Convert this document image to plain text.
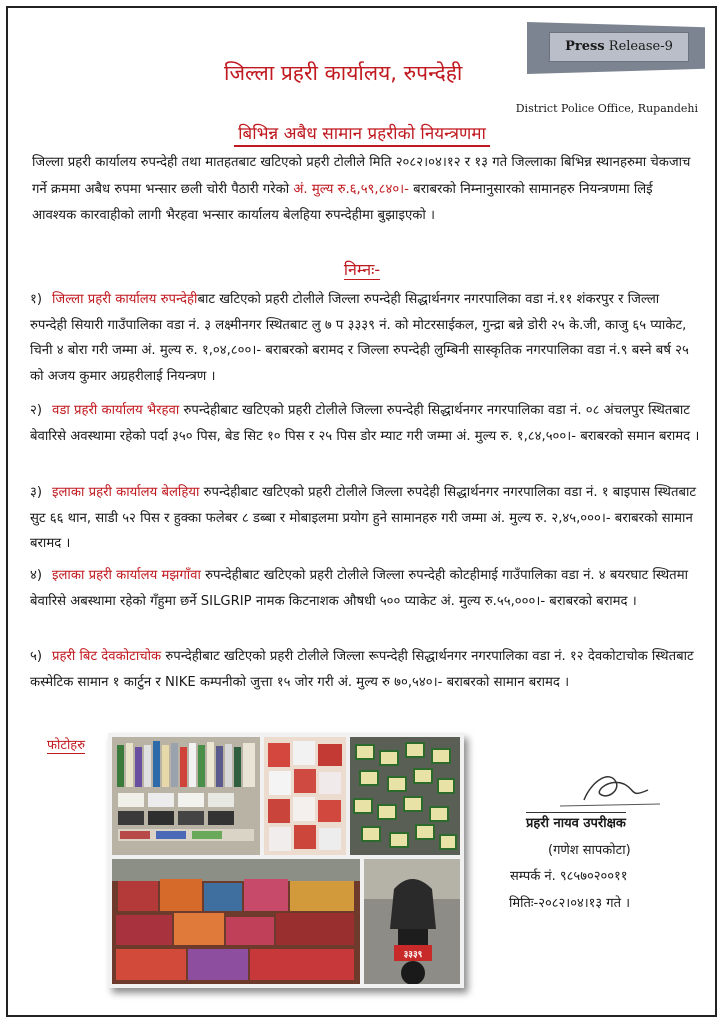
Press Release-9
जिल्ला प्रहरी कार्यालय, रुपन्देही
District Police Office, Rupandehi
बिभिन्न अबैध सामान प्रहरीको नियन्त्रणमा
जिल्ला प्रहरी कार्यालय रुपन्देही तथा मातहतबाट खटिएको प्रहरी टोलीले मिति २०८२।०४।१२ र १३ गते जिल्लाका बिभिन्न स्थानहरुमा चेकजाच गर्ने क्रममा अबैध रुपमा भन्सार छली चोरी पैठारी गरेको अं. मुल्य रु.६,५९,८४०।- बराबरको निम्नानुसारको सामानहरु नियन्त्रणमा लिई आवश्यक कारवाहीको लागी भैरहवा भन्सार कार्यालय बेलहिया रुपन्देहीमा बुझाइएको ।
निम्नः-
१) जिल्ला प्रहरी कार्यालय रुपन्देहीबाट खटिएको प्रहरी टोलीले जिल्ला रुपन्देही सिद्धार्थनगर नगरपालिका वडा नं.११ शंकरपुर र जिल्ला रुपन्देही सियारी गाउँपालिका वडा नं. ३ लक्ष्मीनगर स्थितबाट लु ७ प ३३३९ नं. को मोटरसाईकल, गुन्द्रा बन्ने डोरी २५ के.जी, काजु ६५ प्याकेट, चिनी ४ बोरा गरी जम्मा अं. मुल्य रु. १,०४,८००।- बराबरको बरामद र जिल्ला रुपन्देही लुम्बिनी सास्कृतिक नगरपालिका वडा नं.९ बस्ने बर्ष २५ को अजय कुमार अग्रहरीलाई नियन्त्रण ।
२) वडा प्रहरी कार्यालय भैरहवा रुपन्देहीबाट खटिएको प्रहरी टोलीले जिल्ला रुपन्देही सिद्धार्थनगर नगरपालिका वडा नं. ०८ अंचलपुर स्थितबाट बेवारिसे अवस्थामा रहेको पर्दा ३५० पिस, बेड सिट १० पिस र २५ पिस डोर म्याट गरी जम्मा अं. मुल्य रु. १,८४,५००।- बराबरको समान बरामद ।
३) इलाका प्रहरी कार्यालय बेलहिया रुपन्देहीबाट खटिएको प्रहरी टोलीले जिल्ला रुपदेही सिद्धार्थनगर नगरपालिका वडा नं. १ बाइपास स्थितबाट सुट ६६ थान, साडी ५२ पिस र हुक्का फलेबर ८ डब्बा र मोबाइलमा प्रयोग हुने सामानहरु गरी जम्मा अं. मुल्य रु. २,४५,०००।- बराबरको सामान बरामद ।
४) इलाका प्रहरी कार्यालय मझगाँवा रुपन्देहीबाट खटिएको प्रहरी टोलीले जिल्ला रुपन्देही कोटहीमाई गाउँपालिका वडा नं. ४ बयरघाट स्थितमा बेवारिसे अबस्थामा रहेको गँहुमा छर्ने SILGRIP नामक किटनाशक औषधी ५०० प्याकेट अं. मुल्य रु.५५,०००।- बराबरको बरामद ।
५) प्रहरी बिट देवकोटाचोक रुपन्देहीबाट खटिएको प्रहरी टोलीले जिल्ला रूपन्देही सिद्धार्थनगर नगरपालिका वडा नं. १२ देवकोटाचोक स्थितबाट कस्मेटिक सामान १ कार्टुन र NIKE कम्पनीको जुत्ता १५ जोर गरी अं. मुल्य रु ७०,५४०।- बराबरको सामान बरामद ।
फोटोहरु
३३३९
प्रहरी नायव उपरीक्षक
(गणेश सापकोटा)
सम्पर्क नं. ९८५७०२००११
मितिः-२०८२।०४।१३ गते ।
